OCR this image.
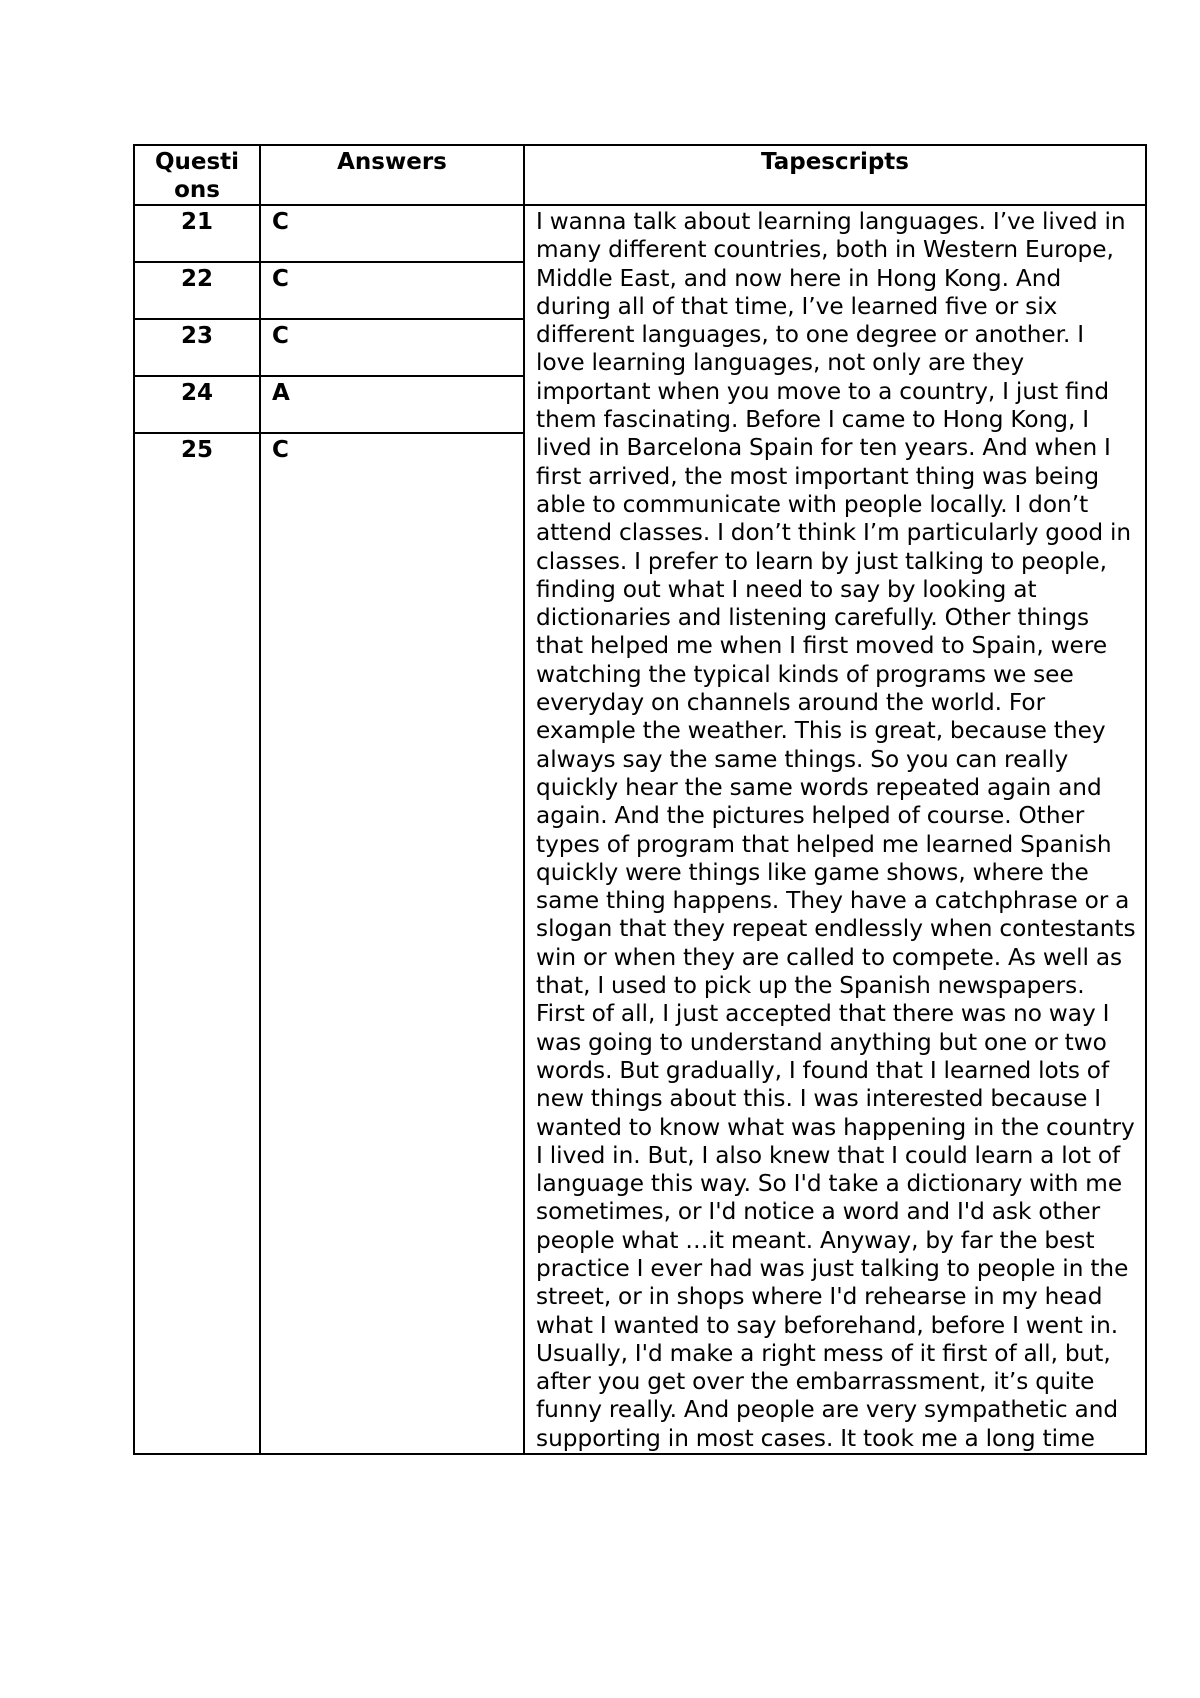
Questi
ons	Answers	Tapescripts
21	C	I wanna talk about learning languages. I’ve lived in many different countries, both in Western Europe, Middle East, and now here in Hong Kong. And during all of that time, I’ve learned five or six different languages, to one degree or another. I love learning languages, not only are they important when you move to a country, I just find them fascinating. Before I came to Hong Kong, I lived in Barcelona Spain for ten years. And when I first arrived, the most important thing was being able to communicate with people locally. I don’t attend classes. I don’t think I’m particularly good in classes. I prefer to learn by just talking to people, finding out what I need to say by looking at dictionaries and listening carefully. Other things that helped me when I first moved to Spain, were watching the typical kinds of programs we see everyday on channels around the world. For example the weather. This is great, because they always say the same things. So you can really quickly hear the same words repeated again and again. And the pictures helped of course. Other types of program that helped me learned Spanish quickly were things like game shows, where the same thing happens. They have a catchphrase or a slogan that they repeat endlessly when contestants win or when they are called to compete. As well as that, I used to pick up the Spanish newspapers. First of all, I just accepted that there was no way I was going to understand anything but one or two words. But gradually, I found that I learned lots of new things about this. I was interested because I wanted to know what was happening in the country I lived in. But, I also knew that I could learn a lot of language this way. So I'd take a dictionary with me sometimes, or I'd notice a word and I'd ask other people what …it meant. Anyway, by far the best practice I ever had was just talking to people in the street, or in shops where I'd rehearse in my head what I wanted to say beforehand, before I went in. Usually, I'd make a right mess of it first of all, but, after you get over the embarrassment, it’s quite funny really. And people are very sympathetic and supporting in most cases. It took me a long time
22	C	
23	C	
24	A	
25	C	
